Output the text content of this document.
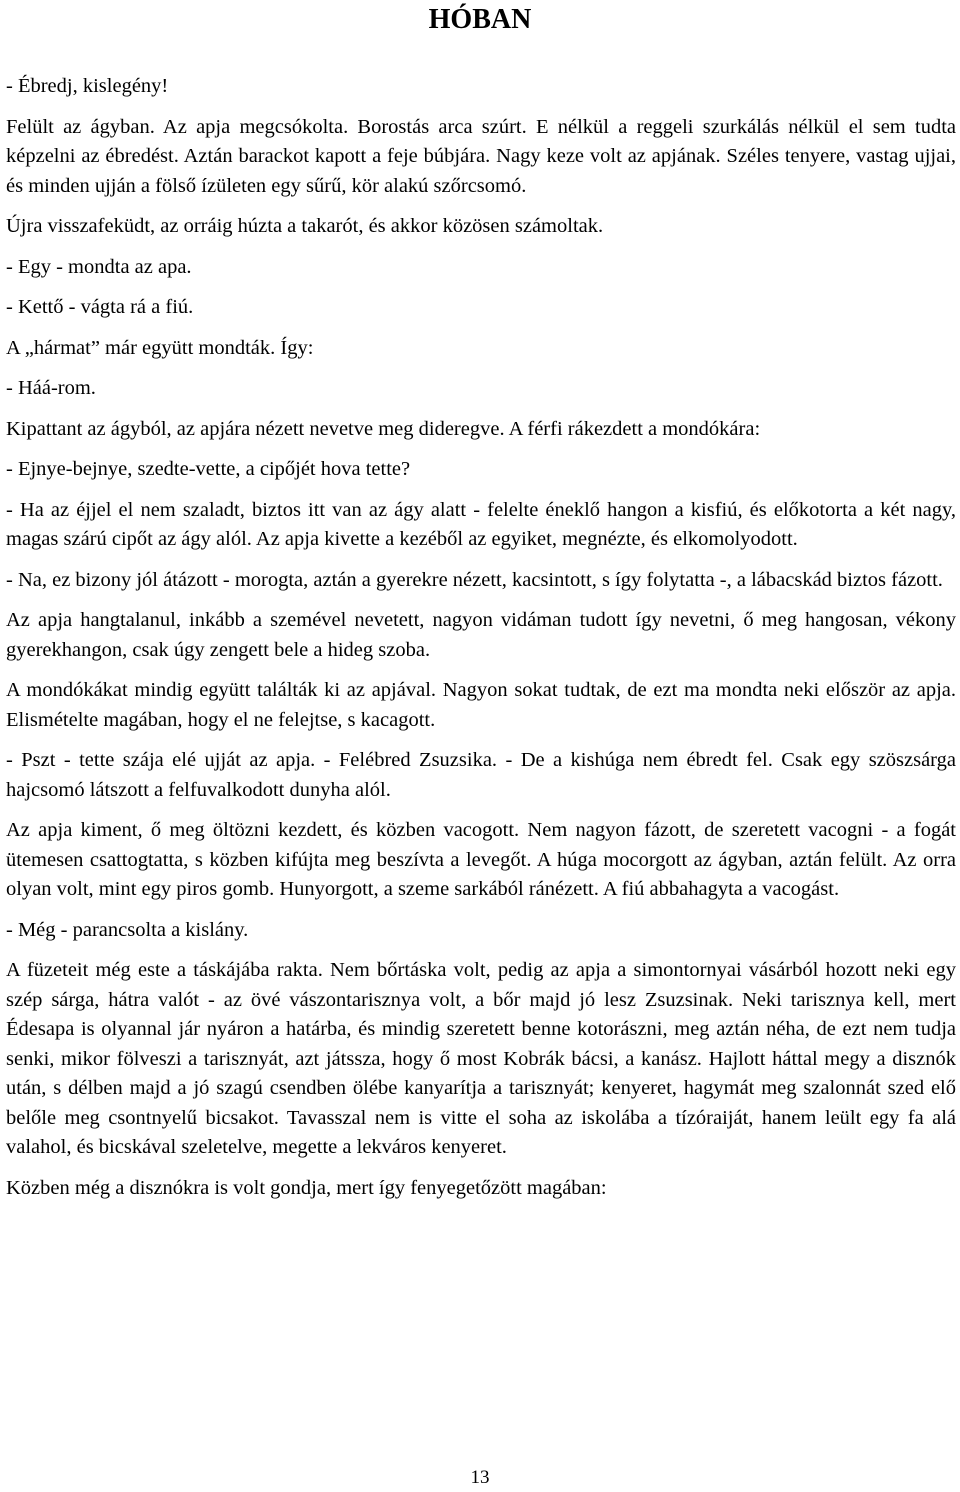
HÓBAN

- Ébredj, kislegény!

Felült az ágyban. Az apja megcsókolta. Borostás arca szúrt. E nélkül a reggeli szurkálás nélkül el sem tudta képzelni az ébredést. Aztán barackot kapott a feje búbjára. Nagy keze volt az apjának. Széles tenyere, vastag ujjai, és minden ujján a fölső ízületen egy sűrű, kör alakú szőrcsomó.

Újra visszafeküdt, az orráig húzta a takarót, és akkor közösen számoltak.

- Egy - mondta az apa.

- Kettő - vágta rá a fiú.

A „hármat” már együtt mondták. Így:

- Háá-rom.

Kipattant az ágyból, az apjára nézett nevetve meg dideregve. A férfi rákezdett a mondókára:

- Ejnye-bejnye, szedte-vette, a cipőjét hova tette?

- Ha az éjjel el nem szaladt, biztos itt van az ágy alatt - felelte éneklő hangon a kisfiú, és előkotorta a két nagy, magas szárú cipőt az ágy alól. Az apja kivette a kezéből az egyiket, megnézte, és elkomolyodott.

- Na, ez bizony jól átázott - morogta, aztán a gyerekre nézett, kacsintott, s így folytatta -, a lábacskád biztos fázott.

Az apja hangtalanul, inkább a szemével nevetett, nagyon vidáman tudott így nevetni, ő meg hangosan, vékony gyerekhangon, csak úgy zengett bele a hideg szoba.

A mondókákat mindig együtt találták ki az apjával. Nagyon sokat tudtak, de ezt ma mondta neki először az apja. Elismételte magában, hogy el ne felejtse, s kacagott.

- Pszt - tette szája elé ujját az apja. - Felébred Zsuzsika. - De a kishúga nem ébredt fel. Csak egy szöszsárga hajcsomó látszott a felfuvalkodott dunyha alól.

Az apja kiment, ő meg öltözni kezdett, és közben vacogott. Nem nagyon fázott, de szeretett vacogni - a fogát ütemesen csattogtatta, s közben kifújta meg beszívta a levegőt. A húga mocorgott az ágyban, aztán felült. Az orra olyan volt, mint egy piros gomb. Hunyorgott, a szeme sarkából ránézett. A fiú abbahagyta a vacogást.

- Még - parancsolta a kislány.

A füzeteit még este a táskájába rakta. Nem bőrtáska volt, pedig az apja a simontornyai vásárból hozott neki egy szép sárga, hátra valót - az övé vászontarisznya volt, a bőr majd jó lesz Zsuzsinak. Neki tarisznya kell, mert Édesapa is olyannal jár nyáron a határba, és mindig szeretett benne kotorászni, meg aztán néha, de ezt nem tudja senki, mikor fölveszi a tarisznyát, azt játssza, hogy ő most Kobrák bácsi, a kanász. Hajlott háttal megy a disznók után, s délben majd a jó szagú csendben ölébe kanyarítja a tarisznyát; kenyeret, hagymát meg szalonnát szed elő belőle meg csontnyelű bicsakot. Tavasszal nem is vitte el soha az iskolába a tízóraiját, hanem leült egy fa alá valahol, és bicskával szeletelve, megette a lekváros kenyeret.

Közben még a disznókra is volt gondja, mert így fenyegetőzött magában:

13
